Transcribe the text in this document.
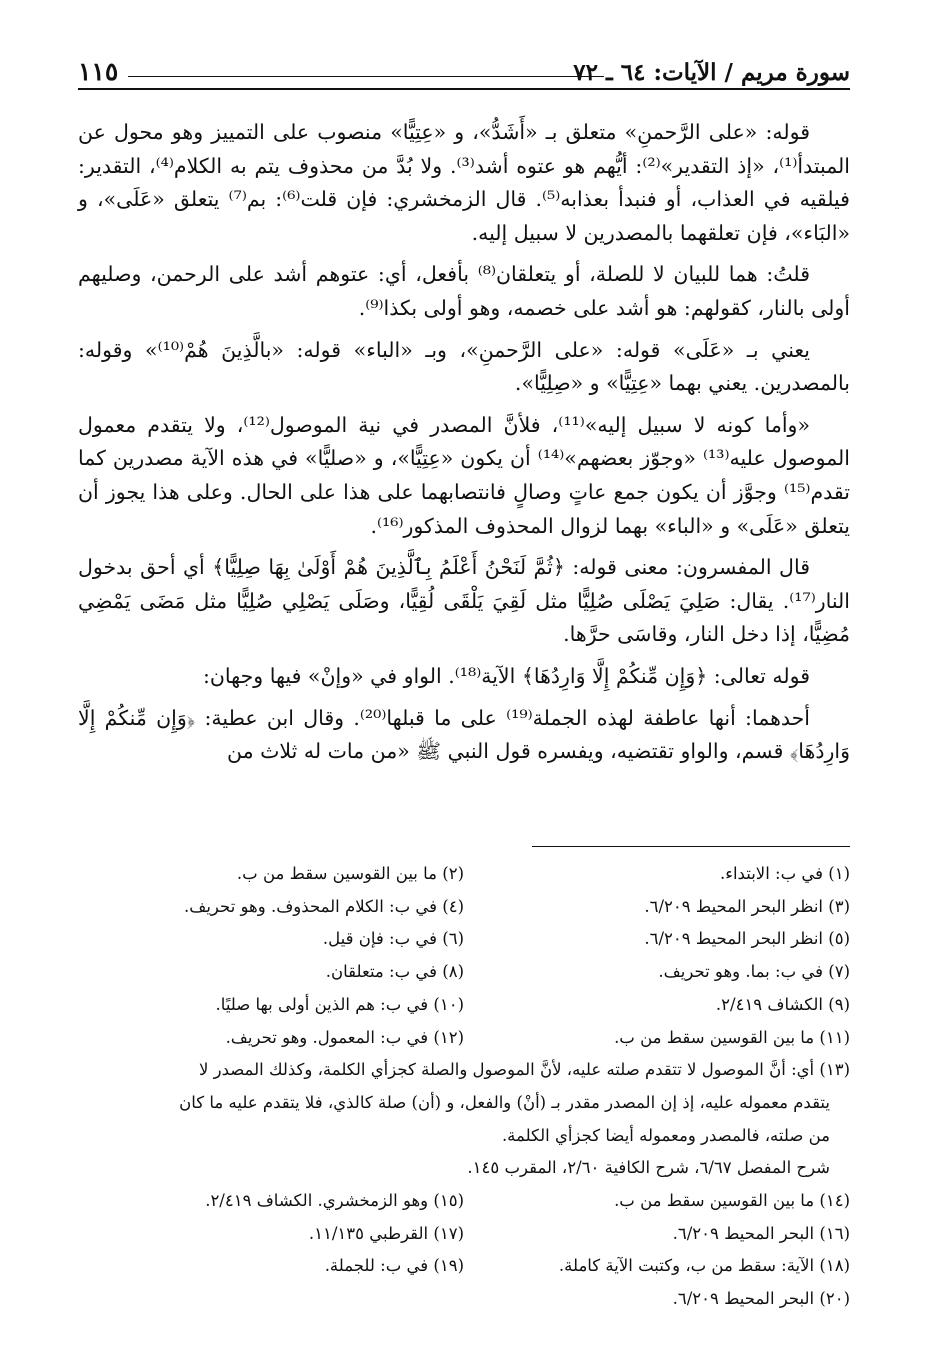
سورة مريم / الآيات: ٦٤ ـ ٧٢
١١٥

قوله: «على الرَّحمنِ» متعلق بـ «أَشَدُّ»، و «عِتِيًّا» منصوب على التمييز وهو محول عن المبتدأ⁽¹⁾، «إذ التقدير»⁽²⁾: أيُّهم هو عتوه أشد⁽³⁾. ولا بُدَّ من محذوف يتم به الكلام⁽⁴⁾، التقدير: فيلقيه في العذاب، أو فنبدأ بعذابه⁽⁵⁾. قال الزمخشري: فإن قلت⁽⁶⁾: بم⁽⁷⁾ يتعلق «عَلَى»، و «البَاء»، فإن تعلقهما بالمصدرين لا سبيل إليه.

قلتُ: هما للبيان لا للصلة، أو يتعلقان⁽⁸⁾ بأفعل، أي: عتوهم أشد على الرحمن، وصليهم أولى بالنار، كقولهم: هو أشد على خصمه، وهو أولى بكذا⁽⁹⁾.

يعني بـ «عَلَى» قوله: «على الرَّحمنِ»، وبـ «الباء» قوله: «بالَّذِينَ هُمْ⁽¹⁰⁾» وقوله: بالمصدرين. يعني بهما «عِتِيًّا» و «صِلِيًّا».

«وأما كونه لا سبيل إليه»⁽¹¹⁾، فلأنَّ المصدر في نية الموصول⁽¹²⁾، ولا يتقدم معمول الموصول عليه⁽¹³⁾ «وجوّز بعضهم»⁽¹⁴⁾ أن يكون «عِتِيًّا»، و «صليًّا» في هذه الآية مصدرين كما تقدم⁽¹⁵⁾ وجوَّز أن يكون جمع عاتٍ وصالٍ فانتصابهما على هذا على الحال. وعلى هذا يجوز أن يتعلق «عَلَى» و «الباء» بهما لزوال المحذوف المذكور⁽¹⁶⁾.

قال المفسرون: معنى قوله: ﴿ثُمَّ لَنَحْنُ أَعْلَمُ بِٱلَّذِينَ هُمْ أَوْلَىٰ بِهَا صِلِيًّا﴾ أي أحق بدخول النار⁽¹⁷⁾. يقال: صَلِيَ يَصْلَى صُلِيًّا مثل لَقِيَ يَلْقَى لُقِيًّا، وصَلَى يَصْلِي صُلِيًّا مثل مَضَى يَمْضِي مُضِيًّا، إذا دخل النار، وقاسَى حرَّها.

قوله تعالى: ﴿وَإِن مِّنكُمْ إِلَّا وَارِدُهَا﴾ الآية⁽¹⁸⁾. الواو في «وإنْ» فيها وجهان:

أحدهما: أنها عاطفة لهذه الجملة⁽¹⁹⁾ على ما قبلها⁽²⁰⁾. وقال ابن عطية: ﴿وَإِن مِّنكُمْ إِلَّا وَارِدُهَا﴾ قسم، والواو تقتضيه، ويفسره قول النبي ﷺ «من مات له ثلاث من

(١) في ب: الابتداء.
(٢) ما بين القوسين سقط من ب.
(٣) انظر البحر المحيط ٦/٢٠٩.
(٤) في ب: الكلام المحذوف. وهو تحريف.
(٥) انظر البحر المحيط ٦/٢٠٩.
(٦) في ب: فإن قيل.
(٧) في ب: بما. وهو تحريف.
(٨) في ب: متعلقان.
(٩) الكشاف ٢/٤١٩.
(١٠) في ب: هم الذين أولى بها صليًا.
(١١) ما بين القوسين سقط من ب.
(١٢) في ب: المعمول. وهو تحريف.
(١٣) أي: أنَّ الموصول لا تتقدم صلته عليه، لأنَّ الموصول والصلة كجزأي الكلمة، وكذلك المصدر لا
يتقدم معموله عليه، إذ إن المصدر مقدر بـ (أنْ) والفعل، و (أن) صلة كالذي، فلا يتقدم عليه ما كان
من صلته، فالمصدر ومعموله أيضا كجزأي الكلمة.
شرح المفصل ٦/٦٧، شرح الكافية ٢/٦٠، المقرب ١٤٥.
(١٤) ما بين القوسين سقط من ب.
(١٥) وهو الزمخشري. الكشاف ٢/٤١٩.
(١٦) البحر المحيط ٦/٢٠٩.
(١٧) القرطبي ١١/١٣٥.
(١٨) الآية: سقط من ب، وكتبت الآية كاملة.
(١٩) في ب: للجملة.
(٢٠) البحر المحيط ٦/٢٠٩.
